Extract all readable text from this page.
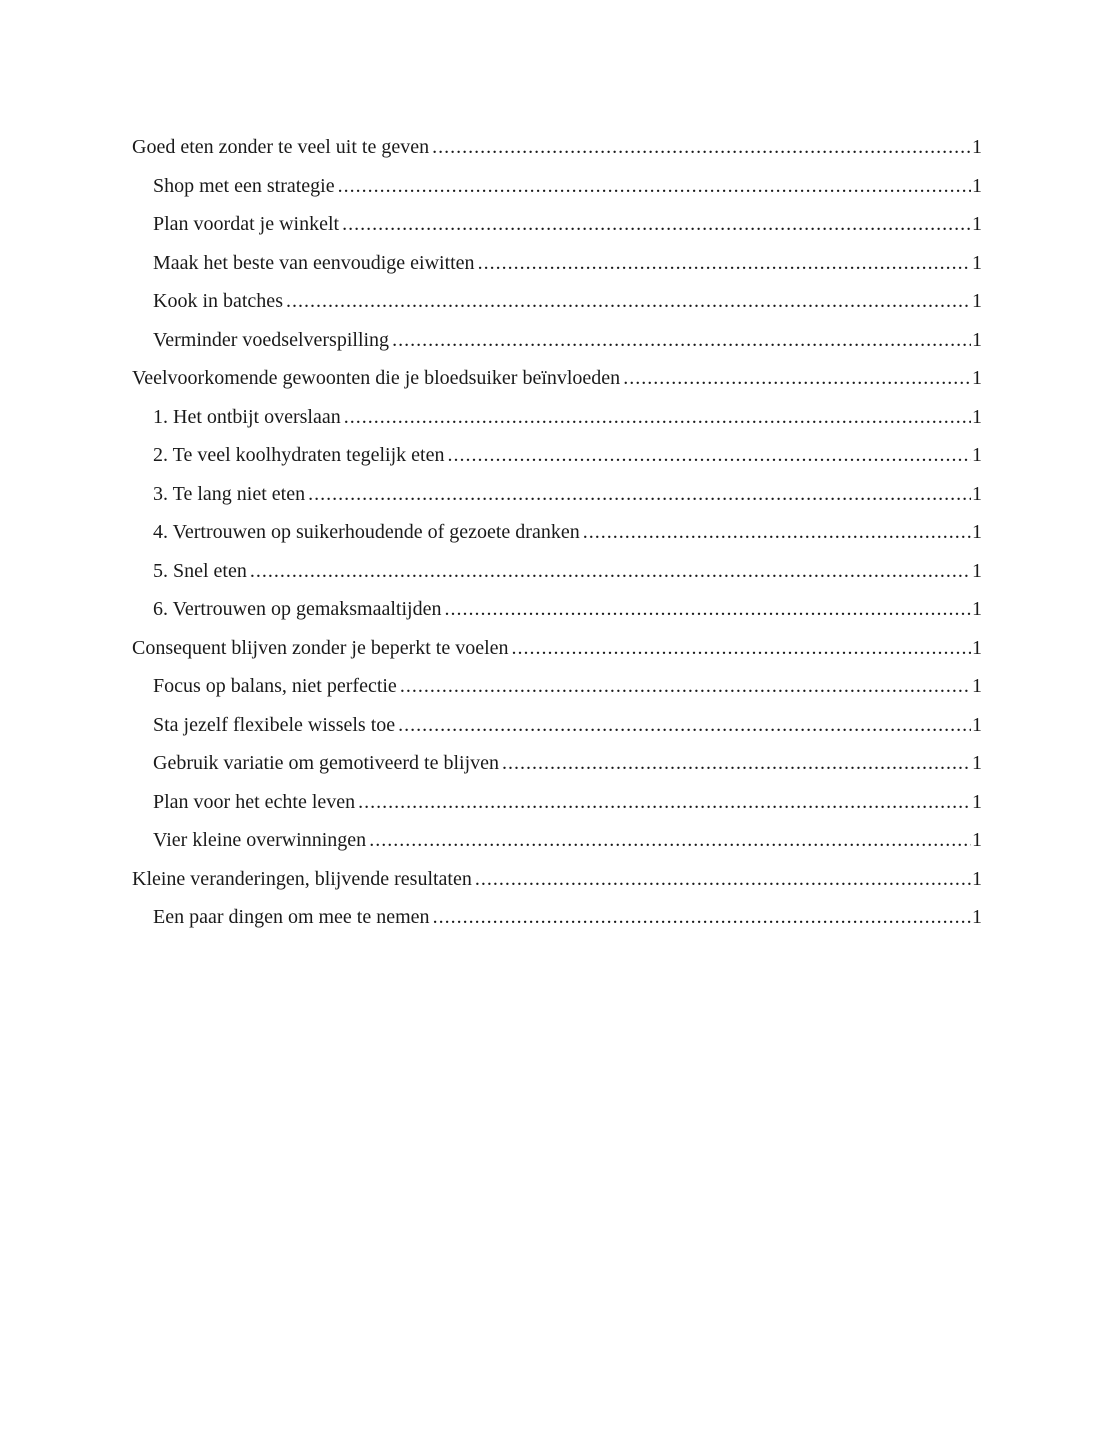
Goed eten zonder te veel uit te geven .....	1
Shop met een strategie .....	1
Plan voordat je winkelt .....	1
Maak het beste van eenvoudige eiwitten .....	1
Kook in batches .....	1
Verminder voedselverspilling .....	1
Veelvoorkomende gewoonten die je bloedsuiker beïnvloeden .....	1
1. Het ontbijt overslaan .....	1
2. Te veel koolhydraten tegelijk eten .....	1
3. Te lang niet eten .....	1
4. Vertrouwen op suikerhoudende of gezoete dranken .....	1
5. Snel eten .....	1
6. Vertrouwen op gemaksmaaltijden .....	1
Consequent blijven zonder je beperkt te voelen .....	1
Focus op balans, niet perfectie .....	1
Sta jezelf flexibele wissels toe .....	1
Gebruik variatie om gemotiveerd te blijven .....	1
Plan voor het echte leven .....	1
Vier kleine overwinningen .....	1
Kleine veranderingen, blijvende resultaten .....	1
Een paar dingen om mee te nemen .....	1
